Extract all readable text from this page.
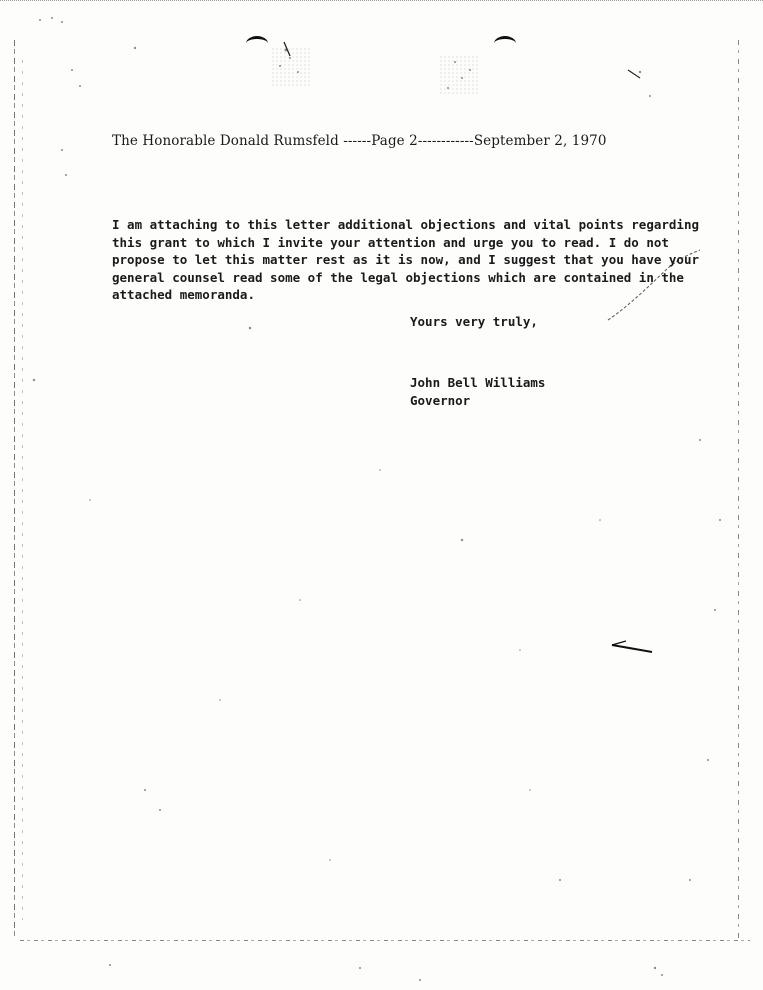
The Honorable Donald Rumsfeld ------Page 2------------September 2, 1970
I am attaching to this letter additional objections and vital points regarding
this grant to which I invite your attention and urge you to read. I do not
propose to let this matter rest as it is now, and I suggest that you have your
general counsel read some of the legal objections which are contained in the
attached memoranda.
Yours very truly,
John Bell Williams
Governor
